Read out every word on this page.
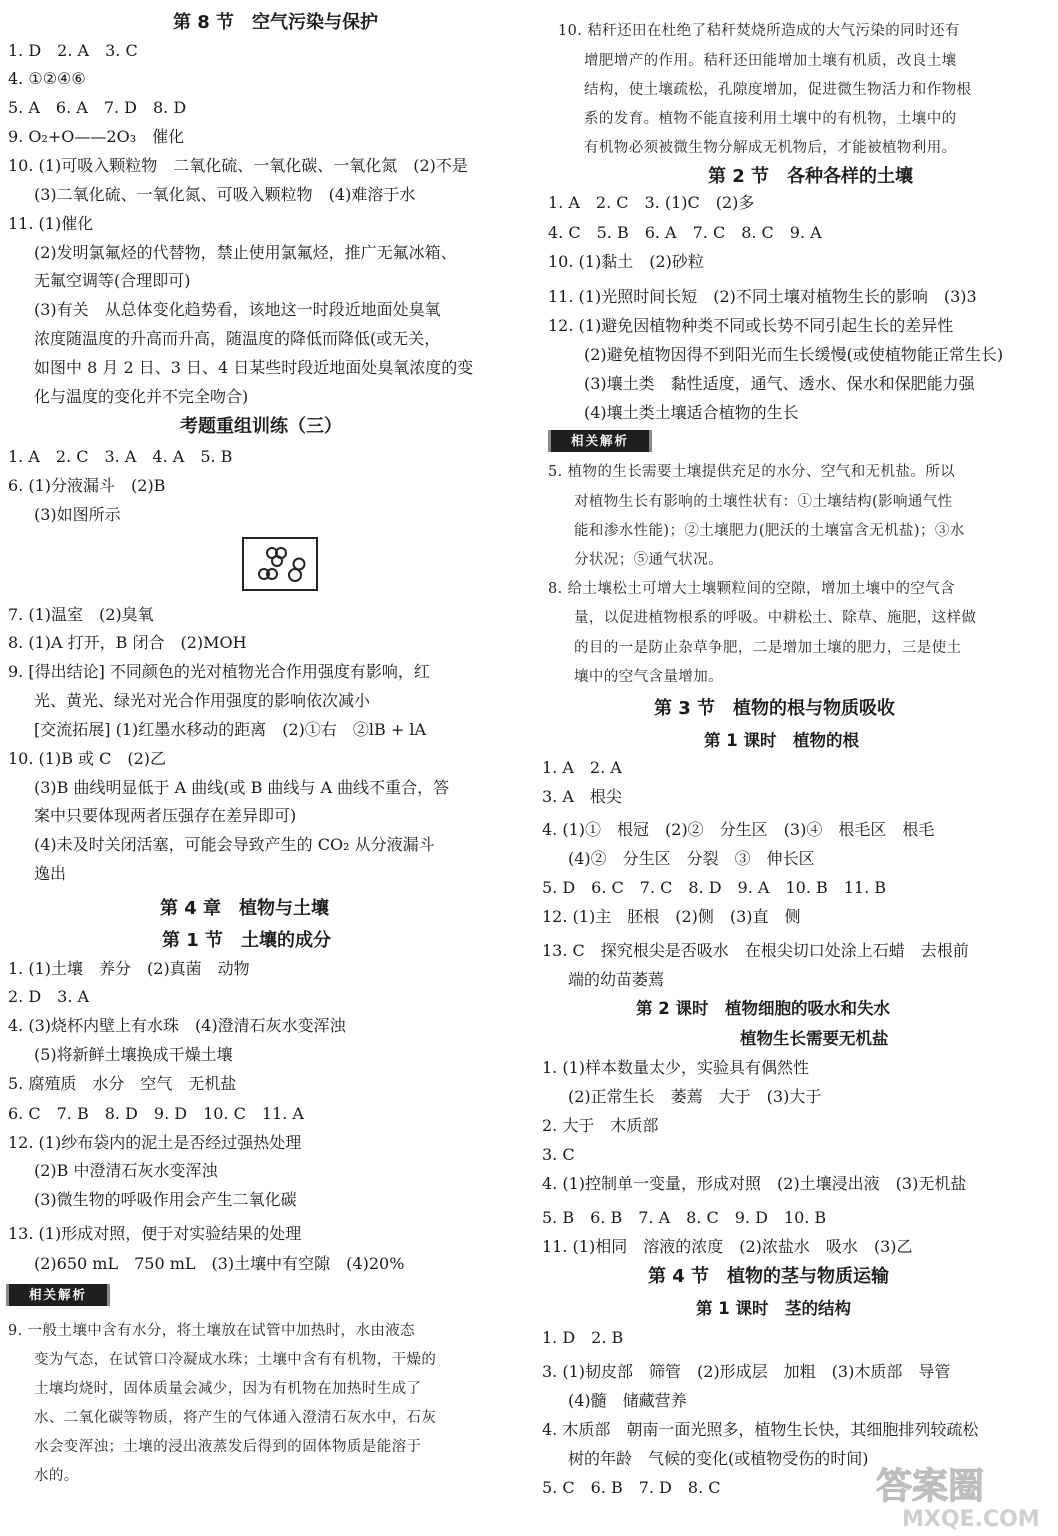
第 8 节　空气污染与保护
1. D　2. A　3. C
4. ①②④⑥
5. A　6. A　7. D　8. D
9. O₂+O——2O₃　催化
10. (1)可吸入颗粒物　二氧化硫、一氧化碳、一氧化氮　(2)不是
(3)二氧化硫、一氧化氮、可吸入颗粒物　(4)难溶于水
11. (1)催化
(2)发明氯氟烃的代替物，禁止使用氯氟烃，推广无氟冰箱、
无氟空调等(合理即可)
(3)有关　从总体变化趋势看，该地这一时段近地面处臭氧
浓度随温度的升高而升高，随温度的降低而降低(或无关，
如图中 8 月 2 日、3 日、4 日某些时段近地面处臭氧浓度的变
化与温度的变化并不完全吻合)
考题重组训练（三）
1. A　2. C　3. A　4. A　5. B
6. (1)分液漏斗　(2)B
(3)如图所示
7. (1)温室　(2)臭氧
8. (1)A 打开，B 闭合　(2)MOH
9. [得出结论] 不同颜色的光对植物光合作用强度有影响，红
光、黄光、绿光对光合作用强度的影响依次减小
[交流拓展] (1)红墨水移动的距离　(2)①右　②lB + lA
10. (1)B 或 C　(2)乙
(3)B 曲线明显低于 A 曲线(或 B 曲线与 A 曲线不重合，答
案中只要体现两者压强存在差异即可)
(4)未及时关闭活塞，可能会导致产生的 CO₂ 从分液漏斗
逸出
第 4 章　植物与土壤
第 1 节　土壤的成分
1. (1)土壤　养分　(2)真菌　动物
2. D　3. A
4. (3)烧杯内壁上有水珠　(4)澄清石灰水变浑浊
(5)将新鲜土壤换成干燥土壤
5. 腐殖质　水分　空气　无机盐
6. C　7. B　8. D　9. D　10. C　11. A
12. (1)纱布袋内的泥土是否经过强热处理
(2)B 中澄清石灰水变浑浊
(3)微生物的呼吸作用会产生二氧化碳
13. (1)形成对照，便于对实验结果的处理
(2)650 mL　750 mL　(3)土壤中有空隙　(4)20%
9. 一般土壤中含有水分，将土壤放在试管中加热时，水由液态
变为气态，在试管口冷凝成水珠；土壤中含有有机物，干燥的
土壤均烧时，固体质量会减少，因为有机物在加热时生成了
水、二氧化碳等物质，将产生的气体通入澄清石灰水中，石灰
水会变浑浊；土壤的浸出液蒸发后得到的固体物质是能溶于
水的。
10. 秸秆还田在杜绝了秸秆焚烧所造成的大气污染的同时还有
增肥增产的作用。秸秆还田能增加土壤有机质，改良土壤
结构，使土壤疏松，孔隙度增加，促进微生物活力和作物根
系的发育。植物不能直接利用土壤中的有机物，土壤中的
有机物必须被微生物分解成无机物后，才能被植物利用。
第 2 节　各种各样的土壤
1. A　2. C　3. (1)C　(2)多
4. C　5. B　6. A　7. C　8. C　9. A
10. (1)黏土　(2)砂粒
11. (1)光照时间长短　(2)不同土壤对植物生长的影响　(3)3
12. (1)避免因植物种类不同或长势不同引起生长的差异性
(2)避免植物因得不到阳光而生长缓慢(或使植物能正常生长)
(3)壤土类　黏性适度，通气、透水、保水和保肥能力强
(4)壤土类土壤适合植物的生长
5. 植物的生长需要土壤提供充足的水分、空气和无机盐。所以
对植物生长有影响的土壤性状有：①土壤结构(影响通气性
能和渗水性能)；②土壤肥力(肥沃的土壤富含无机盐)；③水
分状况；⑤通气状况。
8. 给土壤松土可增大土壤颗粒间的空隙，增加土壤中的空气含
量，以促进植物根系的呼吸。中耕松土、除草、施肥，这样做
的目的一是防止杂草争肥，二是增加土壤的肥力，三是使土
壤中的空气含量增加。
第 3 节　植物的根与物质吸收
第 1 课时　植物的根
1. A　2. A
3. A　根尖
4. (1)①　根冠　(2)②　分生区　(3)④　根毛区　根毛
(4)②　分生区　分裂　③　伸长区
5. D　6. C　7. C　8. D　9. A　10. B　11. B
12. (1)主　胚根　(2)侧　(3)直　侧
13. C　探究根尖是否吸水　在根尖切口处涂上石蜡　去根前
端的幼苗萎蔫
第 2 课时　植物细胞的吸水和失水
植物生长需要无机盐
1. (1)样本数量太少，实验具有偶然性
(2)正常生长　萎蔫　大于　(3)大于
2. 大于　木质部
3. C
4. (1)控制单一变量，形成对照　(2)土壤浸出液　(3)无机盐
5. B　6. B　7. A　8. C　9. D　10. B
11. (1)相同　溶液的浓度　(2)浓盐水　吸水　(3)乙
第 4 节　植物的茎与物质运输
第 1 课时　茎的结构
1. D　2. B
3. (1)韧皮部　筛管　(2)形成层　加粗　(3)木质部　导管
(4)髓　储藏营养
4. 木质部　朝南一面光照多，植物生长快，其细胞排列较疏松
树的年龄　气候的变化(或植物受伤的时间)
5. C　6. B　7. D　8. C
相关解析
相关解析
答案圈
MXQE.COM
